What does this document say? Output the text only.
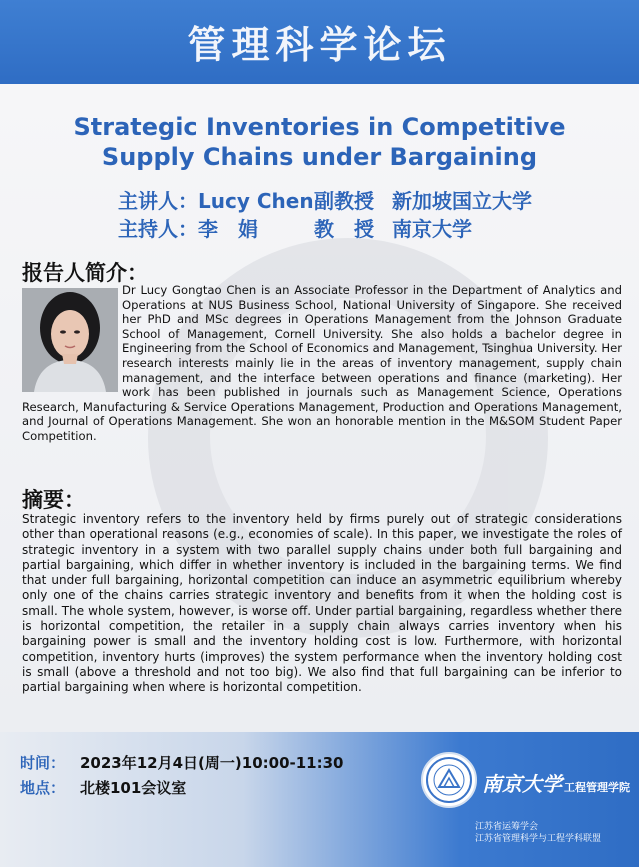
管理科学论坛
Strategic Inventories in Competitive
Supply Chains under Bargaining
主讲人：Lucy Chen副教授 新加坡国立大学
主持人：李　娟	教　授 南京大学
报告人简介：
Dr Lucy Gongtao Chen is an Associate Professor in the Department of Analytics and Operations at NUS Business School, National University of Singapore. She received her PhD and MSc degrees in Operations Management from the Johnson Graduate School of Management, Cornell University. She also holds a bachelor degree in Engineering from the School of Economics and Management, Tsinghua University. Her research interests mainly lie in the areas of inventory management, supply chain management, and the interface between operations and finance (marketing). Her work has been published in journals such as Management Science, Operations Research, Manufacturing & Service Operations Management, Production and Operations Management, and Journal of Operations Management. She won an honorable mention in the M&SOM Student Paper Competition.
摘要：
Strategic inventory refers to the inventory held by firms purely out of strategic considerations other than operational reasons (e.g., economies of scale). In this paper, we investigate the roles of strategic inventory in a system with two parallel supply chains under both full bargaining and partial bargaining, which differ in whether inventory is included in the bargaining terms. We find that under full bargaining, horizontal competition can induce an asymmetric equilibrium whereby only one of the chains carries strategic inventory and benefits from it when the holding cost is small. The whole system, however, is worse off. Under partial bargaining, regardless whether there is horizontal competition, the retailer in a supply chain always carries inventory when his bargaining power is small and the inventory holding cost is low. Furthermore, with horizontal competition, inventory hurts (improves) the system performance when the inventory holding cost is small (above a threshold and not too big). We also find that full bargaining can be inferior to partial bargaining when where is horizontal competition.
时间： 2023年12月4日(周一)10:00-11:30
地点： 北楼101会议室	南京大学 工程管理学院
江苏省运筹学会
江苏省管理科学与工程学科联盟
